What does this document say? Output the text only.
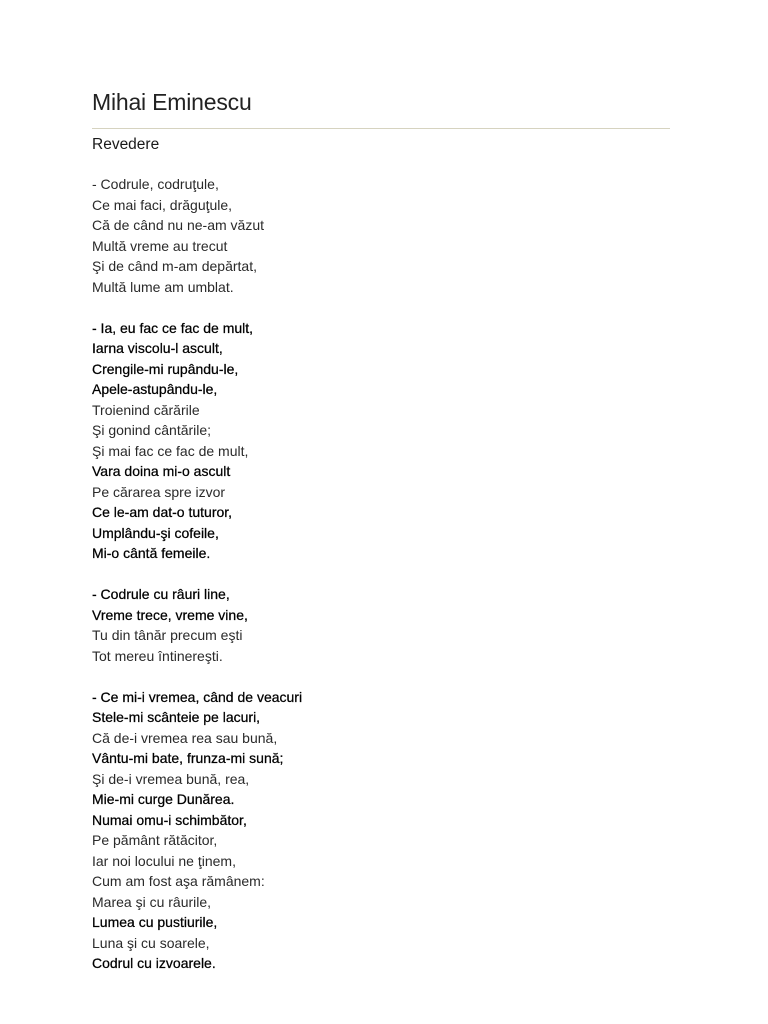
Mihai Eminescu
Revedere
- Codrule, codruţule,
Ce mai faci, drăguţule,
Că de când nu ne-am văzut
Multă vreme au trecut
Şi de când m-am depărtat,
Multă lume am umblat.
- Ia, eu fac ce fac de mult,
Iarna viscolu-l ascult,
Crengile-mi rupându-le,
Apele-astupându-le,
Troienind cărările
Şi gonind cântările;
Şi mai fac ce fac de mult,
Vara doina mi-o ascult
Pe cărarea spre izvor
Ce le-am dat-o tuturor,
Umplându-şi cofeile,
Mi-o cântă femeile.
- Codrule cu râuri line,
Vreme trece, vreme vine,
Tu din tânăr precum eşti
Tot mereu întinereşti.
- Ce mi-i vremea, când de veacuri
Stele-mi scânteie pe lacuri,
Că de-i vremea rea sau bună,
Vântu-mi bate, frunza-mi sună;
Şi de-i vremea bună, rea,
Mie-mi curge Dunărea.
Numai omu-i schimbător,
Pe pământ rătăcitor,
Iar noi locului ne ţinem,
Cum am fost aşa rămânem:
Marea şi cu râurile,
Lumea cu pustiurile,
Luna şi cu soarele,
Codrul cu izvoarele.
